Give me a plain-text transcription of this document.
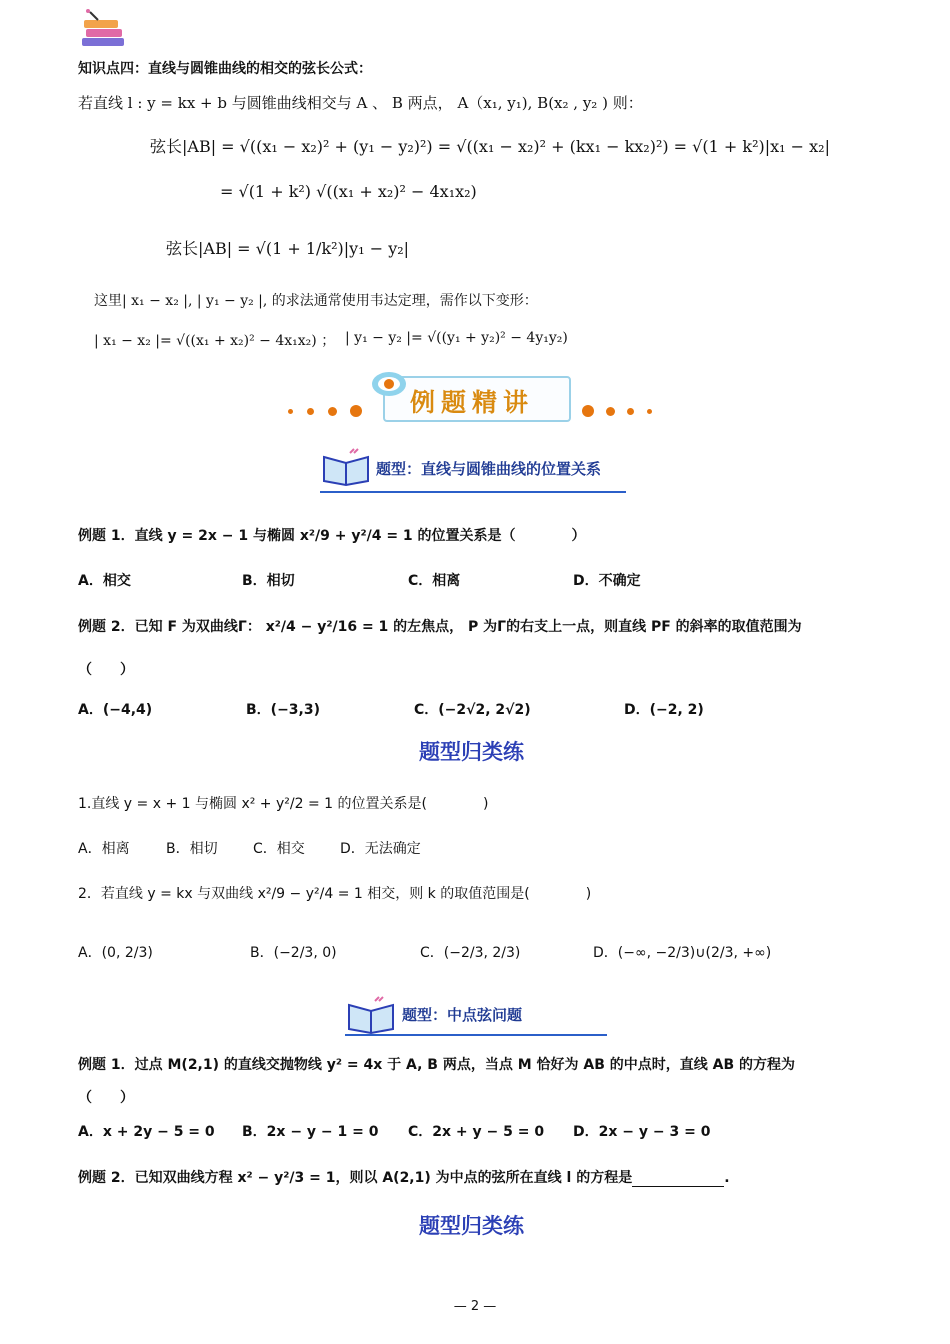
知识点四：直线与圆锥曲线的相交的弦长公式：
若直线 l : y = kx + b 与圆锥曲线相交与 A 、 B 两点， A（x₁, y₁), B(x₂ , y₂ ) 则：
弦长|AB| = √((x₁ − x₂)² + (y₁ − y₂)²) = √((x₁ − x₂)² + (kx₁ − kx₂)²) = √(1 + k²)|x₁ − x₂|
= √(1 + k²) √((x₁ + x₂)² − 4x₁x₂)
弦长|AB| = √(1 + 1/k²)|y₁ − y₂|
这里| x₁ − x₂ |, | y₁ − y₂ |, 的求法通常使用韦达定理，需作以下变形：
| x₁ − x₂ |= √((x₁ + x₂)² − 4x₁x₂) ； | y₁ − y₂ |= √((y₁ + y₂)² − 4y₁y₂)
例题精讲
题型：直线与圆锥曲线的位置关系
例题 1．直线 y = 2x − 1 与椭圆 x²/9 + y²/4 = 1 的位置关系是（　　　　）
A．相交	B．相切	C．相离	D．不确定
例题 2．已知 F 为双曲线Γ： x²/4 − y²/16 = 1 的左焦点， P 为Γ的右支上一点，则直线 PF 的斜率的取值范围为
（　　）
A．(−4,4)	B．(−3,3)	C．(−2√2, 2√2)	D．(−2, 2)
题型归类练
1.直线 y = x + 1 与椭圆 x² + y²/2 = 1 的位置关系是(　　　　)
A．相离	B．相切	C．相交	D．无法确定
2．若直线 y = kx 与双曲线 x²/9 − y²/4 = 1 相交，则 k 的取值范围是(　　　　)
A．(0, 2/3)	B．(−2/3, 0)	C．(−2/3, 2/3)	D．(−∞, −2/3)∪(2/3, +∞)
题型：中点弦问题
例题 1．过点 M(2,1) 的直线交抛物线 y² = 4x 于 A, B 两点，当点 M 恰好为 AB 的中点时，直线 AB 的方程为
（　　）
A．x + 2y − 5 = 0 B．2x − y − 1 = 0 C．2x + y − 5 = 0 D．2x − y − 3 = 0
例题 2．已知双曲线方程 x² − y²/3 = 1，则以 A(2,1) 为中点的弦所在直线 l 的方程是	.
题型归类练
— 2 —
